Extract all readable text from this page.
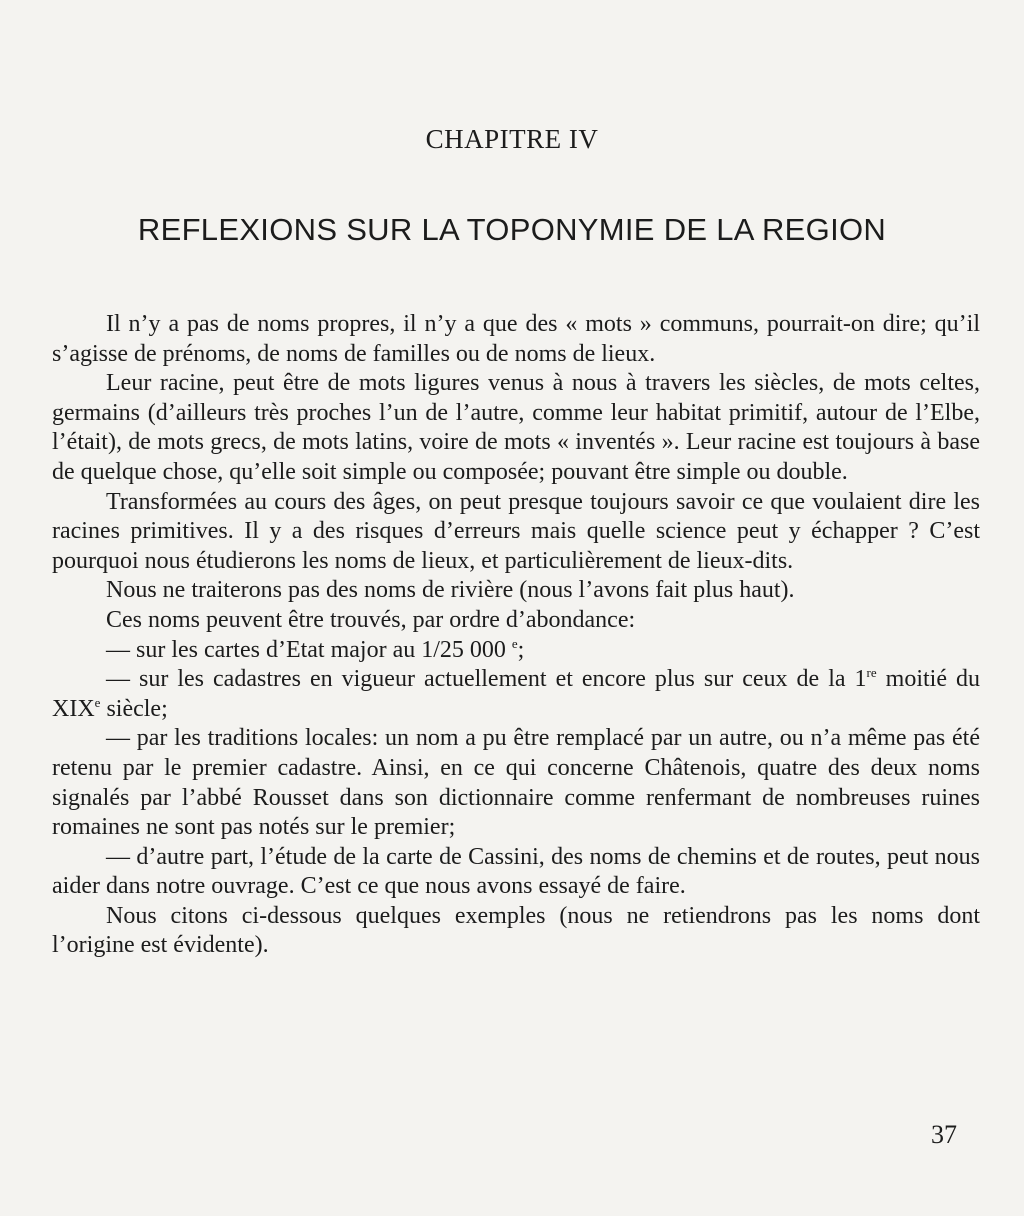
CHAPITRE IV
REFLEXIONS SUR LA TOPONYMIE DE LA REGION

Il n’y a pas de noms propres, il n’y a que des « mots » communs, pourrait-on dire; qu’il s’agisse de prénoms, de noms de familles ou de noms de lieux.

Leur racine, peut être de mots ligures venus à nous à travers les siècles, de mots celtes, germains (d’ailleurs très proches l’un de l’autre, comme leur habitat primitif, autour de l’Elbe, l’était), de mots grecs, de mots latins, voire de mots « inventés ». Leur racine est toujours à base de quelque chose, qu’elle soit simple ou composée; pouvant être simple ou double.

Transformées au cours des âges, on peut presque toujours savoir ce que voulaient dire les racines primitives. Il y a des risques d’erreurs mais quelle science peut y échapper ? C’est pourquoi nous étudierons les noms de lieux, et particulièrement de lieux-dits.

Nous ne traiterons pas des noms de rivière (nous l’avons fait plus haut).

Ces noms peuvent être trouvés, par ordre d’abondance:

— sur les cartes d’Etat major au 1/25 000 $^e$;

— sur les cadastres en vigueur actuellement et encore plus sur ceux de la 1re moitié du XIXe siècle;

— par les traditions locales: un nom a pu être remplacé par un autre, ou n’a même pas été retenu par le premier cadastre. Ainsi, en ce qui concerne Châtenois, quatre des deux noms signalés par l’abbé Rousset dans son dictionnaire comme renfermant de nombreuses ruines romaines ne sont pas notés sur le premier;

— d’autre part, l’étude de la carte de Cassini, des noms de chemins et de routes, peut nous aider dans notre ouvrage. C’est ce que nous avons essayé de faire.

Nous citons ci-dessous quelques exemples (nous ne retiendrons pas les noms dont l’origine est évidente).

37
